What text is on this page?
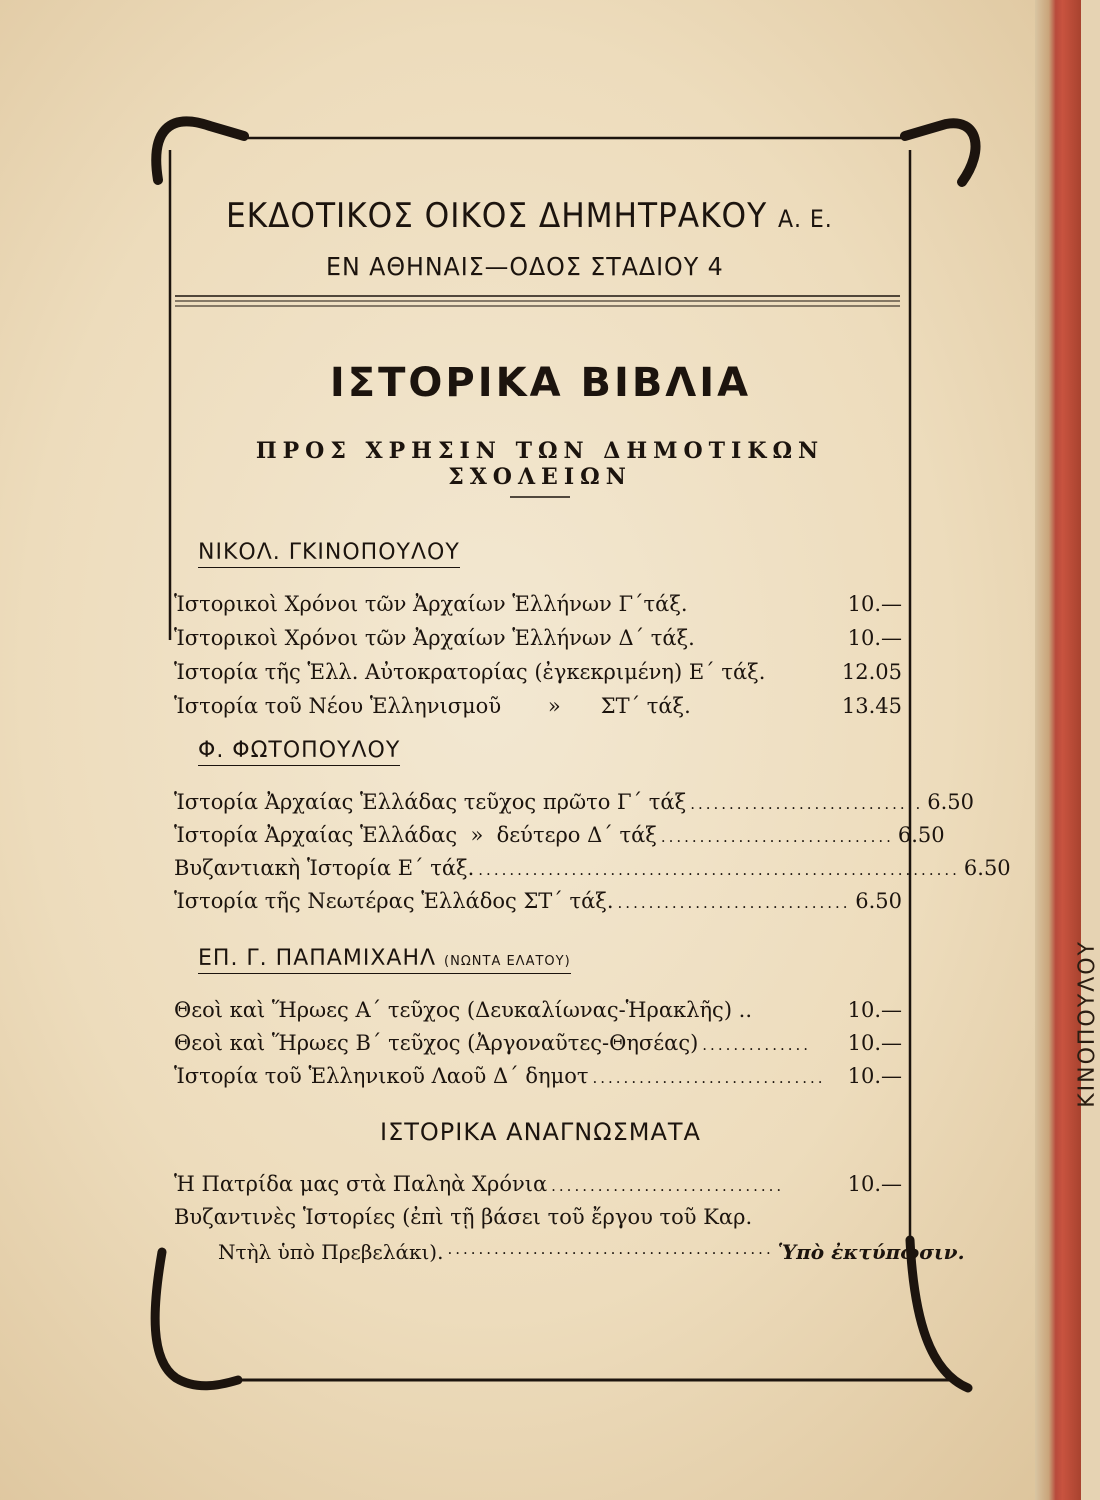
ΚΙΝΟΠΟΥΛΟΥ
ΕΚΔΟΤΙΚΟΣ ΟΙΚΟΣ ΔΗΜΗΤΡΑΚΟΥ Α. Ε.
ΕΝ ΑΘΗΝΑΙΣ—ΟΔΟΣ ΣΤΑΔΙΟΥ 4
ΙΣΤΟΡΙΚΑ ΒΙΒΛΙΑ
ΠΡΟΣ ΧΡΗΣΙΝ ΤΩΝ ΔΗΜΟΤΙΚΩΝ ΣΧΟΛΕΙΩΝ
ΝΙΚΟΛ. ΓΚΙΝΟΠΟΥΛΟΥ
Ἱστορικοὶ Χρόνοι τῶν Ἀρχαίων Ἑλλήνων Γ´τάξ.	10.—
Ἱστορικοὶ Χρόνοι τῶν Ἀρχαίων Ἑλλήνων Δ´ τάξ.	10.—
Ἱστορία τῆς Ἑλλ. Αὐτοκρατορίας (ἐγκεκριμένη) Ε´ τάξ.	12.05
Ἱστορία τοῦ Νέου Ἑλληνισμοῦ       »      ΣΤ´ τάξ.	13.45
Φ. ΦΩΤΟΠΟΥΛΟΥ
Ἱστορία Ἀρχαίας Ἑλλάδας τεῦχος πρῶτο Γ´ τάξ .............................. 6.50
Ἱστορία Ἀρχαίας Ἑλλάδας  »  δεύτερο Δ´ τάξ .............................. 6.50
Βυζαντιακὴ Ἱστορία Ε´ τάξ. .............................................................. 6.50
Ἱστορία τῆς Νεωτέρας Ἑλλάδος ΣΤ´ τάξ. .............................. 6.50
ΕΠ. Γ. ΠΑΠΑΜΙΧΑΗΛ (ΝΩΝΤΑ ΕΛΑΤΟΥ)
Θεοὶ καὶ Ἥρωες Α´ τεῦχος (Δευκαλίωνας-Ἡρακλῆς) ..	10.—
Θεοὶ καὶ Ἥρωες Β´ τεῦχος (Ἀργοναῦτες-Θησέας) ..............	10.—
Ἱστορία τοῦ Ἑλληνικοῦ Λαοῦ Δ´ δημοτ ..............................	10.—
ΙΣΤΟΡΙΚΑ ΑΝΑΓΝΩΣΜΑΤΑ
Ἡ Πατρίδα μας στὰ Παληὰ Χρόνια ..............................	10.—
Βυζαντινὲς Ἱστορίες (ἐπὶ τῇ βάσει τοῦ ἔργου τοῦ Καρ.
Ντὴλ ὑπὸ Πρεβελάκι). .......................................... Ὑπὸ ἐκτύπωσιν.
